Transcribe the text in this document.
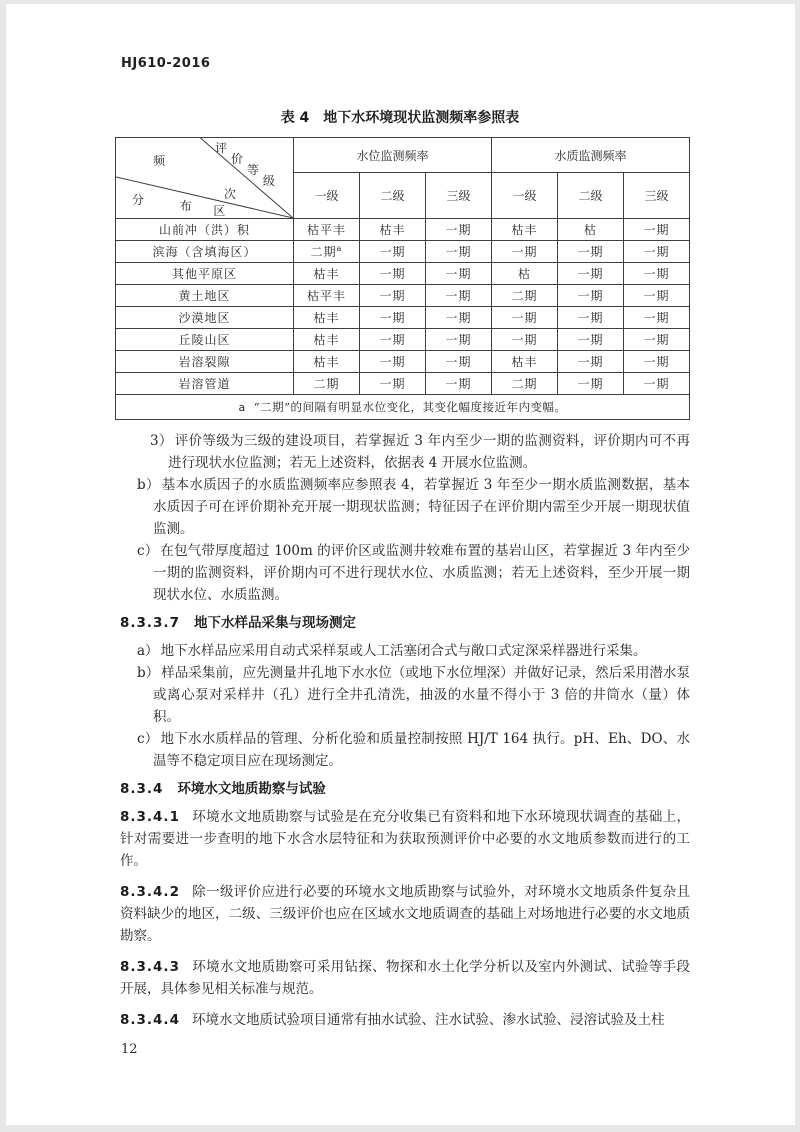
HJ610-2016
表 4　地下水环境现状监测频率参照表
频
评
价
等
级
次
分	布 区
	水位监测频率	水质监测频率
	一级	二级	三级	一级	二级	三级
山前冲（洪）积	枯平丰	枯丰	一期	枯丰	枯	一期
滨海（含填海区）	二期$^a$	一期	一期	一期	一期	一期
其他平原区	枯丰	一期	一期	枯	一期	一期
黄土地区	枯平丰	一期	一期	二期	一期	一期
沙漠地区	枯丰	一期	一期	一期	一期	一期
丘陵山区	枯丰	一期	一期	一期	一期	一期
岩溶裂隙	枯丰	一期	一期	枯丰	一期	一期
岩溶管道	二期	一期	一期	二期	一期	一期
a “二期”的间隔有明显水位变化，其变化幅度接近年内变幅。						
3） 评价等级为三级的建设项目，若掌握近 3 年内至少一期的监测资料，评价期内可不再进行现状水位监测；若无上述资料，依据表 4 开展水位监测。
b） 基本水质因子的水质监测频率应参照表 4，若掌握近 3 年至少一期水质监测数据，基本水质因子可在评价期补充开展一期现状监测；特征因子在评价期内需至少开展一期现状值监测。
c） 在包气带厚度超过 100m 的评价区或监测井较难布置的基岩山区，若掌握近 3 年内至少一期的监测资料，评价期内可不进行现状水位、水质监测；若无上述资料，至少开展一期现状水位、水质监测。
8.3.3.7 地下水样品采集与现场测定
a） 地下水样品应采用自动式采样泵或人工活塞闭合式与敞口式定深采样器进行采集。
b） 样品采集前，应先测量井孔地下水水位（或地下水位埋深）并做好记录，然后采用潜水泵或离心泵对采样井（孔）进行全井孔清洗，抽汲的水量不得小于 3 倍的井筒水（量）体积。
c） 地下水水质样品的管理、分析化验和质量控制按照 HJ/T 164 执行。pH、Eh、DO、水温等不稳定项目应在现场测定。
8.3.4 环境水文地质勘察与试验
8.3.4.1 环境水文地质勘察与试验是在充分收集已有资料和地下水环境现状调查的基础上，针对需要进一步查明的地下水含水层特征和为获取预测评价中必要的水文地质参数而进行的工作。
8.3.4.2 除一级评价应进行必要的环境水文地质勘察与试验外，对环境水文地质条件复杂且资料缺少的地区，二级、三级评价也应在区域水文地质调查的基础上对场地进行必要的水文地质勘察。
8.3.4.3 环境水文地质勘察可采用钻探、物探和水土化学分析以及室内外测试、试验等手段开展，具体参见相关标准与规范。
8.3.4.4 环境水文地质试验项目通常有抽水试验、注水试验、渗水试验、浸溶试验及土柱
12
